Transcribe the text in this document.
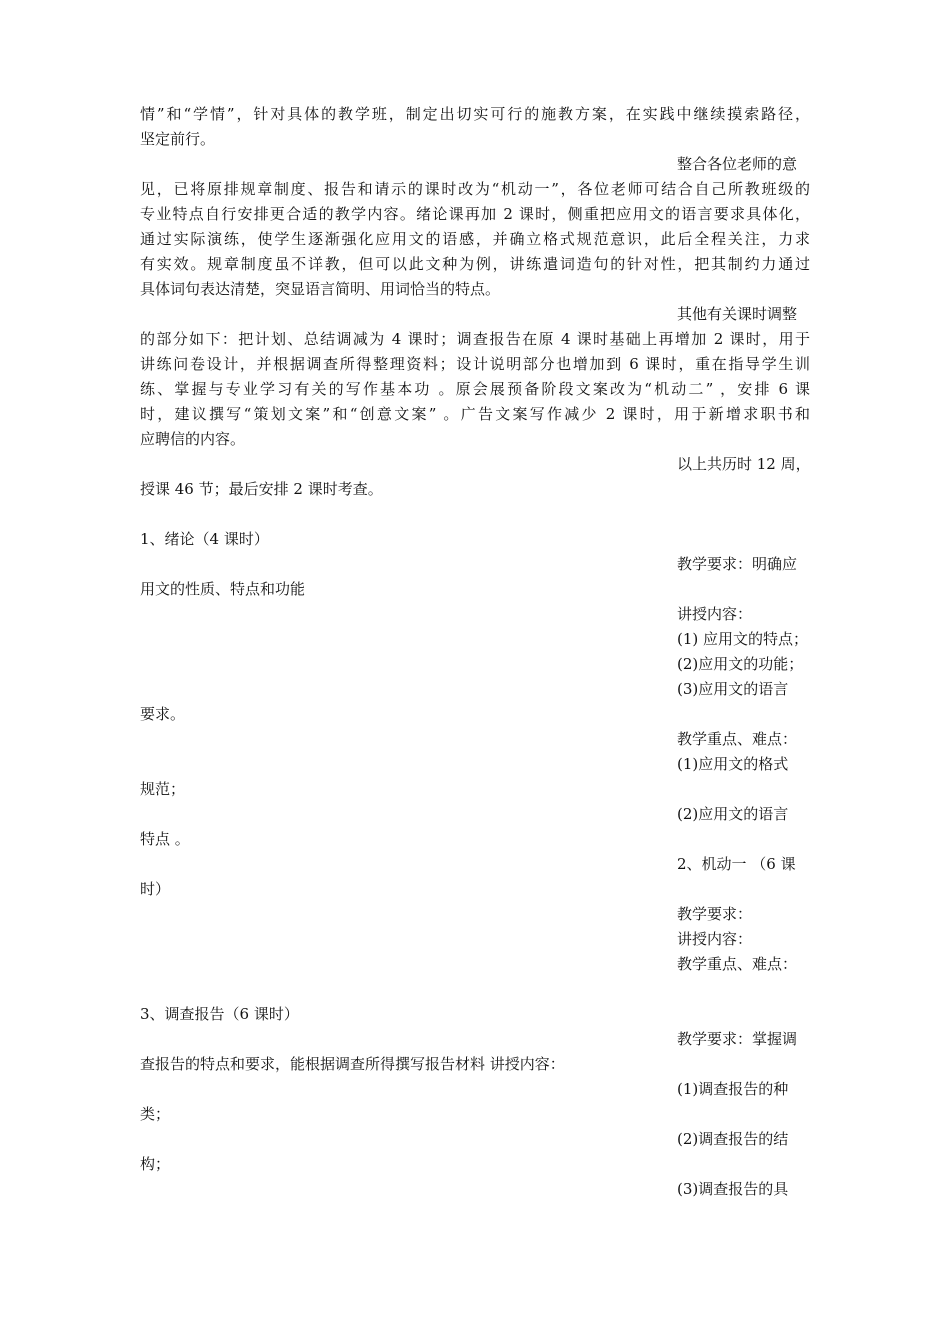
情”和“学情”，针对具体的教学班，制定出切实可行的施教方案，在实践中继续摸索路径，
坚定前行。
整合各位老师的意
见，已将原排规章制度、报告和请示的课时改为“机动一”，各位老师可结合自己所教班级的
专业特点自行安排更合适的教学内容。绪论课再加 2 课时，侧重把应用文的语言要求具体化，
通过实际演练，使学生逐渐强化应用文的语感，并确立格式规范意识，此后全程关注，力求
有实效。规章制度虽不详教，但可以此文种为例，讲练遣词造句的针对性，把其制约力通过
具体词句表达清楚，突显语言简明、用词恰当的特点。
其他有关课时调整
的部分如下：把计划、总结调减为 4 课时；调查报告在原 4 课时基础上再增加 2 课时，用于
讲练问卷设计，并根据调查所得整理资料；设计说明部分也增加到 6 课时，重在指导学生训
练、掌握与专业学习有关的写作基本功 。原会展预备阶段文案改为“机动二” ，安排 6 课
时，建议撰写“策划文案”和“创意文案” 。广告文案写作减少 2 课时，用于新增求职书和
应聘信的内容。
以上共历时 12 周，
授课 46 节；最后安排 2 课时考查。
1、绪论（4 课时）
教学要求：明确应
用文的性质、特点和功能
讲授内容：
(1) 应用文的特点；
(2)应用文的功能；
(3)应用文的语言
要求。
教学重点、难点：
(1)应用文的格式
规范；
(2)应用文的语言
特点 。
2、机动一 （6 课
时）
教学要求：
讲授内容：
教学重点、难点：
3、调查报告（6 课时）
教学要求：掌握调
查报告的特点和要求，能根据调查所得撰写报告材料 讲授内容：
(1)调查报告的种
类；
(2)调查报告的结
构；
(3)调查报告的具
